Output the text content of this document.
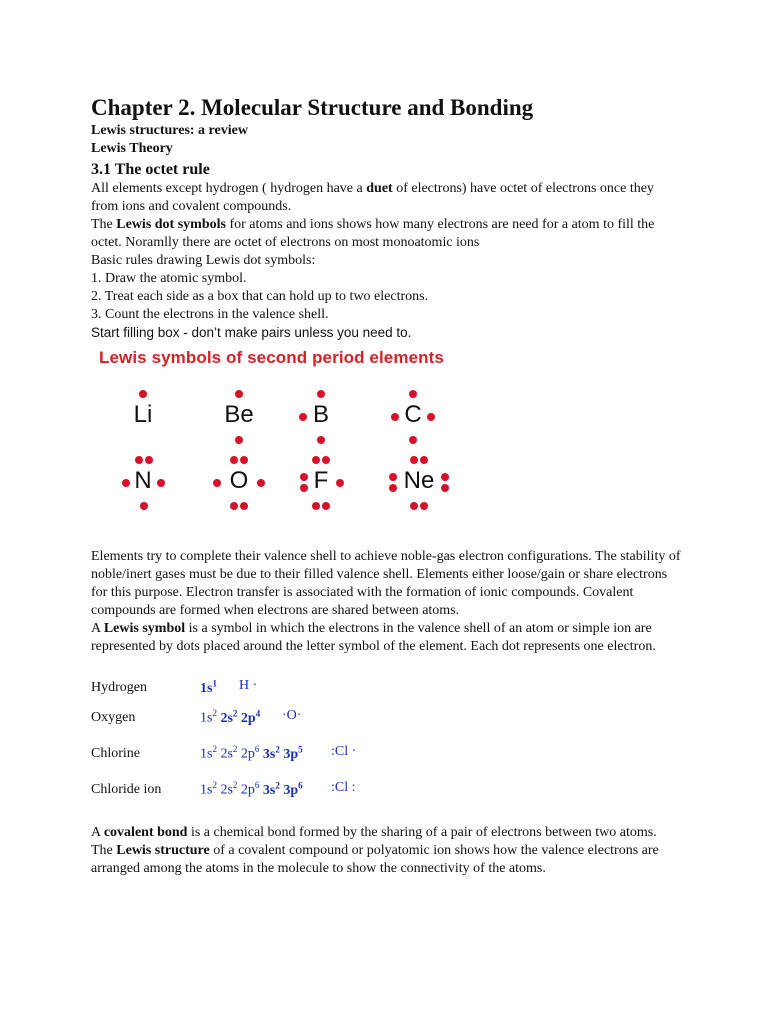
Chapter 2. Molecular Structure and Bonding
Lewis structures: a review
Lewis Theory
3.1 The octet rule

All elements except hydrogen ( hydrogen have a duet of electrons) have octet of electrons once they from ions and covalent compounds.

The Lewis dot symbols for atoms and ions shows how many electrons are need for a atom to fill the octet. Noramlly there are octet of electrons on most monoatomic ions

Basic rules drawing Lewis dot symbols:
1. Draw the atomic symbol.
2. Treat each side as a box that can hold up to two electrons.
3. Count the electrons in the valence shell.
Start filling box - don’t make pairs unless you need to.
Lewis symbols of second period elements
Li	Be	B	C
N	O	F	Ne

Elements try to complete their valence shell to achieve noble-gas electron configurations. The stability of noble/inert gases must be due to their filled valence shell. Elements either loose/gain or share electrons for this purpose. Electron transfer is associated with the formation of ionic compounds. Covalent compounds are formed when electrons are shared between atoms.

A Lewis symbol is a symbol in which the electrons in the valence shell of an atom or simple ion are represented by dots placed around the letter symbol of the element. Each dot represents one electron.

Hydrogen	$1s^1$ H ·
Oxygen	$1s^2$ $2s^2$ $2p^4 \cdot O\cdot$
Chlorine	$1s^2$ $2s^2$ $2p^6$ $3s^2$ $3p^5$ :Cl ·
Chloride ion	$1s^2$ $2s^2$ $2p^6$ $3s^2$ $3p^6$ :Cl :

A covalent bond is a chemical bond formed by the sharing of a pair of electrons between two atoms.

The Lewis structure of a covalent compound or polyatomic ion shows how the valence electrons are arranged among the atoms in the molecule to show the connectivity of the atoms.
